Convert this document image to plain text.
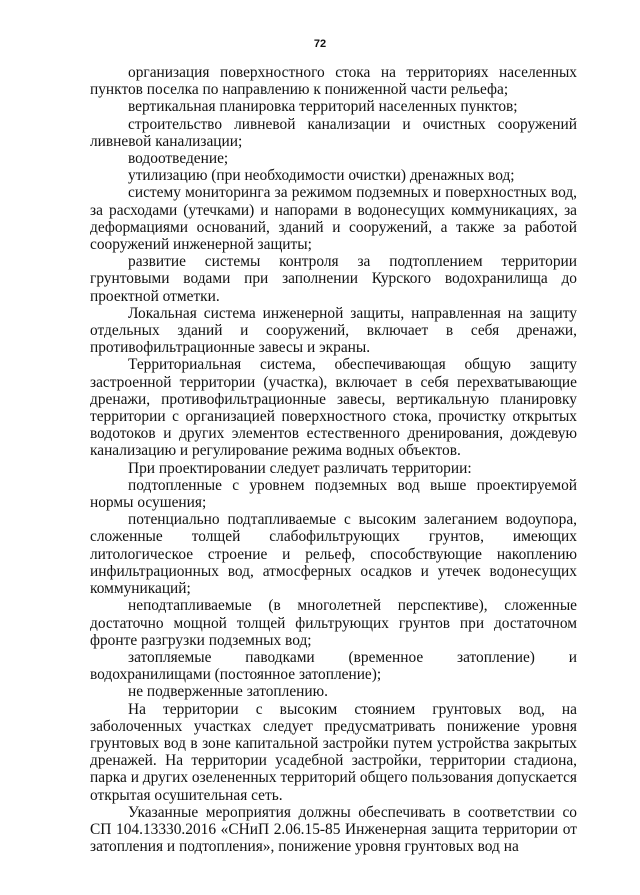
72

организация поверхностного стока на территориях населенных пунктов поселка по направлению к пониженной части рельефа;

вертикальная планировка территорий населенных пунктов;

строительство ливневой канализации и очистных сооружений ливневой канализации;

водоотведение;

утилизацию (при необходимости очистки) дренажных вод;

систему мониторинга за режимом подземных и поверхностных вод, за расходами (утечками) и напорами в водонесущих коммуникациях, за деформациями оснований, зданий и сооружений, а также за работой сооружений инженерной защиты;

развитие системы контроля за подтоплением территории грунтовыми водами при заполнении Курского водохранилища до проектной отметки.

Локальная система инженерной защиты, направленная на защиту отдельных зданий и сооружений, включает в себя дренажи, противофильтрационные завесы и экраны.

Территориальная система, обеспечивающая общую защиту застроенной территории (участка), включает в себя перехватывающие дренажи, противофильтрационные завесы, вертикальную планировку территории с организацией поверхностного стока, прочистку открытых водотоков и других элементов естественного дренирования, дождевую канализацию и регулирование режима водных объектов.

При проектировании следует различать территории:

подтопленные с уровнем подземных вод выше проектируемой нормы осушения;

потенциально подтапливаемые с высоким залеганием водоупора, сложенные толщей слабофильтрующих грунтов, имеющих литологическое строение и рельеф, способствующие накоплению инфильтрационных вод, атмосферных осадков и утечек водонесущих коммуникаций;

неподтапливаемые (в многолетней перспективе), сложенные достаточно мощной толщей фильтрующих грунтов при достаточном фронте разгрузки подземных вод;

затопляемые паводками (временное затопление) и водохранилищами (постоянное затопление);

не подверженные затоплению.

На территории с высоким стоянием грунтовых вод, на заболоченных участках следует предусматривать понижение уровня грунтовых вод в зоне капитальной застройки путем устройства закрытых дренажей. На территории усадебной застройки, территории стадиона, парка и других озелененных территорий общего пользования допускается открытая осушительная сеть.

Указанные мероприятия должны обеспечивать в соответствии со СП 104.13330.2016 «СНиП 2.06.15-85 Инженерная защита территории от затопления и подтопления», понижение уровня грунтовых вод на
